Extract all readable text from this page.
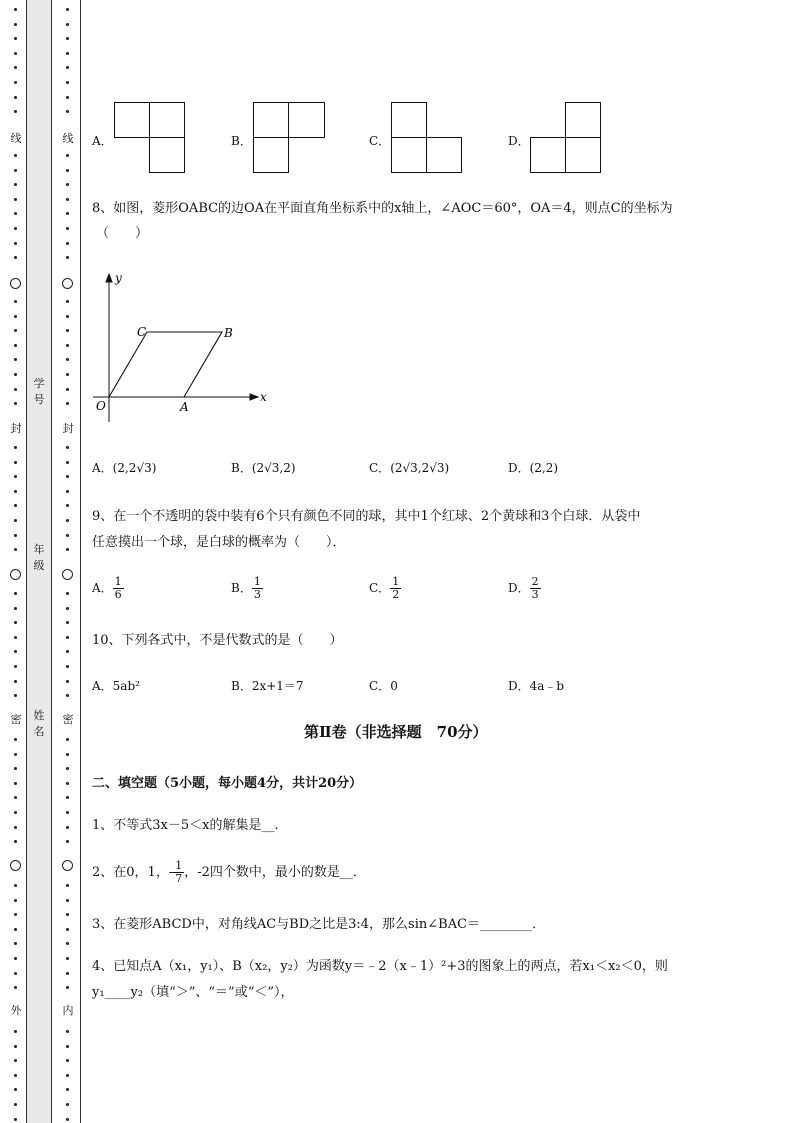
线
封
密
外
线
封
密
内
学号
年级
姓名
A．	B．	C．	D．
8、如图，菱形OABC的边OA在平面直角坐标系中的x轴上，∠AOC＝60°，OA＝4，则点C的坐标为
（　　）
y
x
O	A
B
C
A．(2,2√3)	B．(2√3,2)	C．(2√3,2√3)	D．(2,2)
9、在一个不透明的袋中装有6个只有颜色不同的球，其中1个红球、2个黄球和3个白球．从袋中
任意摸出一个球，是白球的概率为（　　）．
A． $\frac{1}{6}$	B． $\frac{1}{3}$	C． $\frac{1}{2}$	D． $\frac{2}{3}$
10、下列各式中，不是代数式的是（　　）
A．5ab²	B．2x+1＝7	C．0	D．4a﹣b
第Ⅱ卷（非选择题　70分）
二、填空题（5小题，每小题4分，共计20分）
1、不等式3x－5＜x的解集是__．
2、在0，1，- $\frac{1}{7}$ ，-2四个数中，最小的数是__．
3、在菱形ABCD中，对角线AC与BD之比是3:4，那么sin∠BAC＝________．
4、已知点A（x₁，y₁）、B（x₂，y₂）为函数y＝﹣2（x﹣1）²+3的图象上的两点，若x₁＜x₂＜0，则
y₁____y₂（填“＞”、“＝”或“＜”），
